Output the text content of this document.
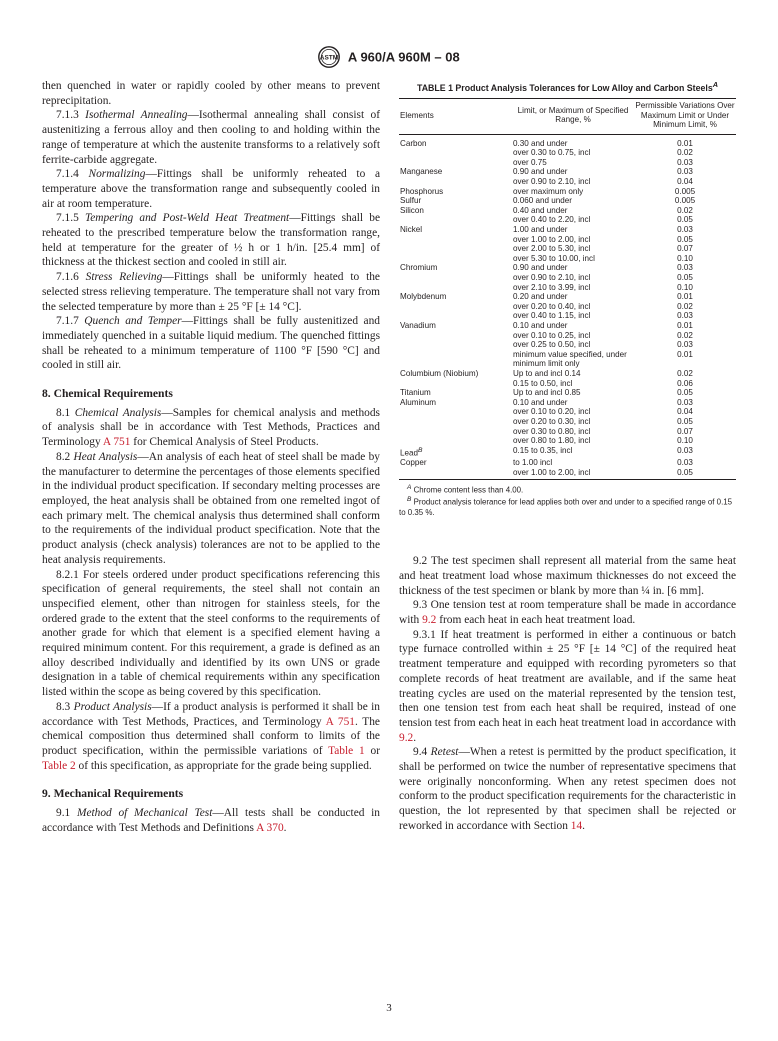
ASTM A 960/A 960M – 08

then quenched in water or rapidly cooled by other means to prevent reprecipitation.

7.1.3 Isothermal Annealing—Isothermal annealing shall consist of austenitizing a ferrous alloy and then cooling to and holding within the range of temperature at which the austenite transforms to a relatively soft ferrite-carbide aggregate.

7.1.4 Normalizing—Fittings shall be uniformly reheated to a temperature above the transformation range and subsequently cooled in air at room temperature.

7.1.5 Tempering and Post-Weld Heat Treatment—Fittings shall be reheated to the prescribed temperature below the transformation range, held at temperature for the greater of ½ h or 1 h/in. [25.4 mm] of thickness at the thickest section and cooled in still air.

7.1.6 Stress Relieving—Fittings shall be uniformly heated to the selected stress relieving temperature. The temperature shall not vary from the selected temperature by more than ± 25 °F [± 14 °C].

7.1.7 Quench and Temper—Fittings shall be fully austenitized and immediately quenched in a suitable liquid medium. The quenched fittings shall be reheated to a minimum temperature of 1100 °F [590 °C] and cooled in still air.

8. Chemical Requirements

8.1 Chemical Analysis—Samples for chemical analysis and methods of analysis shall be in accordance with Test Methods, Practices and Terminology A 751 for Chemical Analysis of Steel Products.

8.2 Heat Analysis—An analysis of each heat of steel shall be made by the manufacturer to determine the percentages of those elements specified in the individual product specification. If secondary melting processes are employed, the heat analysis shall be obtained from one remelted ingot of each primary melt. The chemical analysis thus determined shall conform to the requirements of the individual product specification. Note that the product analysis (check analysis) tolerances are not to be applied to the heat analysis requirements.

8.2.1 For steels ordered under product specifications referencing this specification of general requirements, the steel shall not contain an unspecified element, other than nitrogen for stainless steels, for the ordered grade to the extent that the steel conforms to the requirements of another grade for which that element is a specified element having a required minimum content. For this requirement, a grade is defined as an alloy described individually and identified by its own UNS or grade designation in a table of chemical requirements within any specification listed within the scope as being covered by this specification.

8.3 Product Analysis—If a product analysis is performed it shall be in accordance with Test Methods, Practices, and Terminology A 751. The chemical composition thus determined shall conform to limits of the product specification, within the permissible variations of Table 1 or Table 2 of this specification, as appropriate for the grade being supplied.

9. Mechanical Requirements

9.1 Method of Mechanical Test—All tests shall be conducted in accordance with Test Methods and Definitions A 370.

TABLE 1 Product Analysis Tolerances for Low Alloy and Carbon Steels$^A$
Elements	Limit, or Maximum of Specified Range, %	Permissible Variations Over Maximum Limit or Under Minimum Limit, %
Carbon	0.30 and under	0.01
	over 0.30 to 0.75, incl	0.02
	over 0.75	0.03
Manganese	0.90 and under	0.03
	over 0.90 to 2.10, incl	0.04
Phosphorus	over maximum only	0.005
Sulfur	0.060 and under	0.005
Silicon	0.40 and under	0.02
	over 0.40 to 2.20, incl	0.05
Nickel	1.00 and under	0.03
	over 1.00 to 2.00, incl	0.05
	over 2.00 to 5.30, incl	0.07
	over 5.30 to 10.00, incl	0.10
Chromium	0.90 and under	0.03
	over 0.90 to 2.10, incl	0.05
	over 2.10 to 3.99, incl	0.10
Molybdenum	0.20 and under	0.01
	over 0.20 to 0.40, incl	0.02
	over 0.40 to 1.15, incl	0.03
Vanadium	0.10 and under	0.01
	over 0.10 to 0.25, incl	0.02
	over 0.25 to 0.50, incl	0.03
	minimum value specified, under minimum limit only	0.01
Columbium (Niobium)	Up to and incl 0.14	0.02
	0.15 to 0.50, incl	0.06
Titanium	Up to and incl 0.85	0.05
Aluminum	0.10 and under	0.03
	over 0.10 to 0.20, incl	0.04
	over 0.20 to 0.30, incl	0.05
	over 0.30 to 0.80, incl	0.07
	over 0.80 to 1.80, incl	0.10
Lead$^B$	0.15 to 0.35, incl	0.03
Copper	to 1.00 incl	0.03
	over 1.00 to 2.00, incl	0.05
$^A$ Chrome content less than 4.00.
$^B$ Product analysis tolerance for lead applies both over and under to a specified range of 0.15 to 0.35 %.

9.2 The test specimen shall represent all material from the same heat and heat treatment load whose maximum thicknesses do not exceed the thickness of the test specimen or blank by more than ¼ in. [6 mm].

9.3 One tension test at room temperature shall be made in accordance with 9.2 from each heat in each heat treatment load.

9.3.1 If heat treatment is performed in either a continuous or batch type furnace controlled within ± 25 °F [± 14 °C] of the required heat treatment temperature and equipped with recording pyrometers so that complete records of heat treatment are available, and if the same heat treating cycles are used on the material represented by the tension test, then one tension test from each heat shall be required, instead of one tension test from each heat in each heat treatment load in accordance with 9.2.

9.4 Retest—When a retest is permitted by the product specification, it shall be performed on twice the number of representative specimens that were originally nonconforming. When any retest specimen does not conform to the product specification requirements for the characteristic in question, the lot represented by that specimen shall be rejected or reworked in accordance with Section 14.

3
